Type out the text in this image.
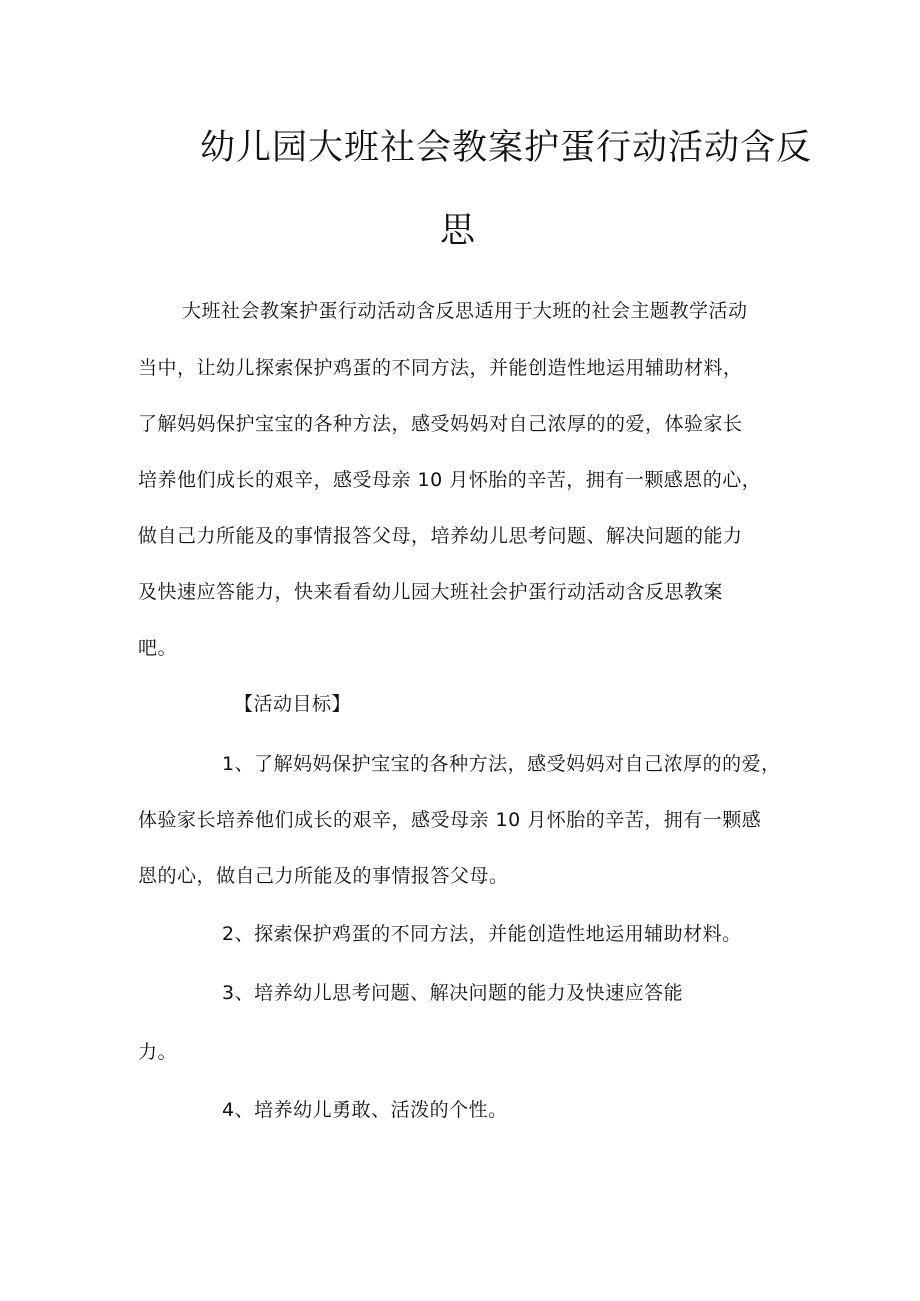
幼儿园大班社会教案护蛋行动活动含反
思
大班社会教案护蛋行动活动含反思适用于大班的社会主题教学活动
当中，让幼儿探索保护鸡蛋的不同方法，并能创造性地运用辅助材料，
了解妈妈保护宝宝的各种方法，感受妈妈对自己浓厚的的爱，体验家长
培养他们成长的艰辛，感受母亲 10 月怀胎的辛苦，拥有一颗感恩的心，
做自己力所能及的事情报答父母，培养幼儿思考问题、解决问题的能力
及快速应答能力，快来看看幼儿园大班社会护蛋行动活动含反思教案
吧。
【活动目标】
1、了解妈妈保护宝宝的各种方法，感受妈妈对自己浓厚的的爱，
体验家长培养他们成长的艰辛，感受母亲 10 月怀胎的辛苦，拥有一颗感
恩的心，做自己力所能及的事情报答父母。
2、探索保护鸡蛋的不同方法，并能创造性地运用辅助材料。
3、培养幼儿思考问题、解决问题的能力及快速应答能
力。
4、培养幼儿勇敢、活泼的个性。
